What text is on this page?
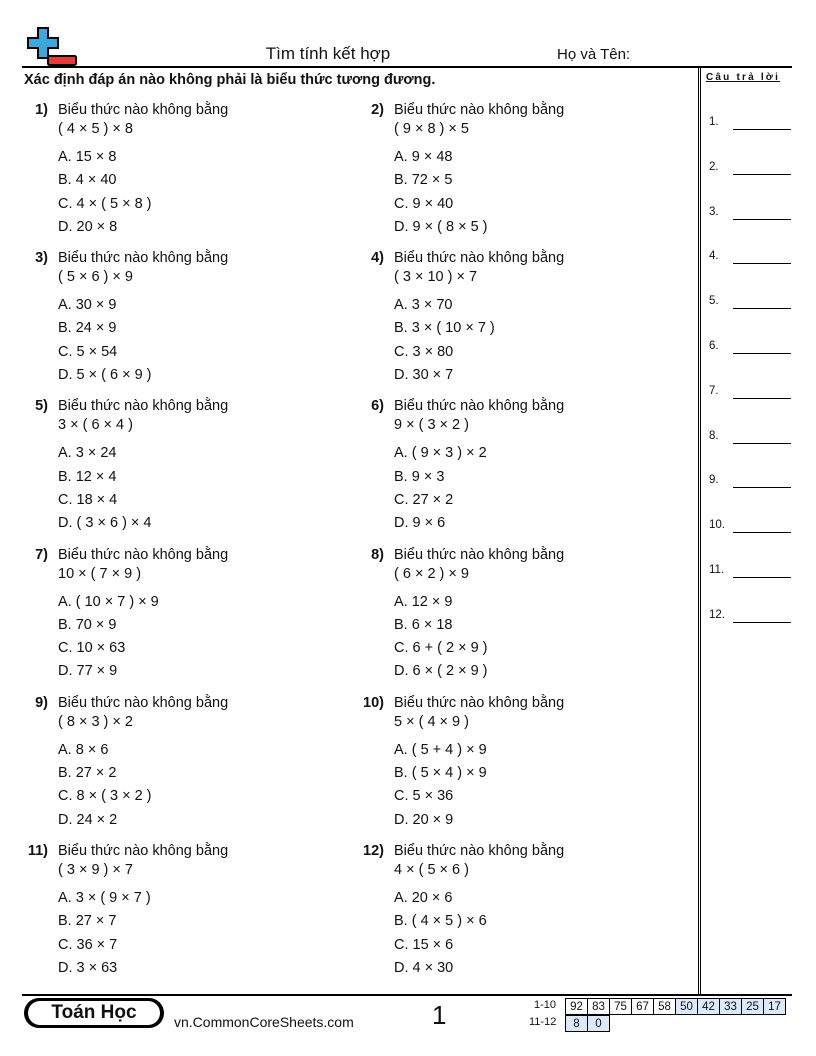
Tìm tính kết hợp	Họ và Tên:
Xác định đáp án nào không phải là biểu thức tương đương.	Câu trả lời
1.
2.
3.
4.
5.
6.
7.
8.
9.
10.
11.
12.
1) Biểu thức nào không bằng
( 4 × 5 ) × 8
A. 15 × 8
B. 4 × 40
C. 4 × ( 5 × 8 )
D. 20 × 8
2) Biểu thức nào không bằng
( 9 × 8 ) × 5
A. 9 × 48
B. 72 × 5
C. 9 × 40
D. 9 × ( 8 × 5 )
3) Biểu thức nào không bằng
( 5 × 6 ) × 9
A. 30 × 9
B. 24 × 9
C. 5 × 54
D. 5 × ( 6 × 9 )
4) Biểu thức nào không bằng
( 3 × 10 ) × 7
A. 3 × 70
B. 3 × ( 10 × 7 )
C. 3 × 80
D. 30 × 7
5) Biểu thức nào không bằng
3 × ( 6 × 4 )
A. 3 × 24
B. 12 × 4
C. 18 × 4
D. ( 3 × 6 ) × 4
6) Biểu thức nào không bằng
9 × ( 3 × 2 )
A. ( 9 × 3 ) × 2
B. 9 × 3
C. 27 × 2
D. 9 × 6
7) Biểu thức nào không bằng
10 × ( 7 × 9 )
A. ( 10 × 7 ) × 9
B. 70 × 9
C. 10 × 63
D. 77 × 9
8) Biểu thức nào không bằng
( 6 × 2 ) × 9
A. 12 × 9
B. 6 × 18
C. 6 + ( 2 × 9 )
D. 6 × ( 2 × 9 )
9) Biểu thức nào không bằng
( 8 × 3 ) × 2
A. 8 × 6
B. 27 × 2
C. 8 × ( 3 × 2 )
D. 24 × 2
10) Biểu thức nào không bằng
5 × ( 4 × 9 )
A. ( 5 + 4 ) × 9
B. ( 5 × 4 ) × 9
C. 5 × 36
D. 20 × 9
11) Biểu thức nào không bằng
( 3 × 9 ) × 7
A. 3 × ( 9 × 7 )
B. 27 × 7
C. 36 × 7
D. 3 × 63
12) Biểu thức nào không bằng
4 × ( 5 × 6 )
A. 20 × 6
B. ( 4 × 5 ) × 6
C. 15 × 6
D. 4 × 30
Toán Học	vn.CommonCoreSheets.com	1	1-10 92	83	75	67	58	50	42	33	25	17
11-12 8	0
